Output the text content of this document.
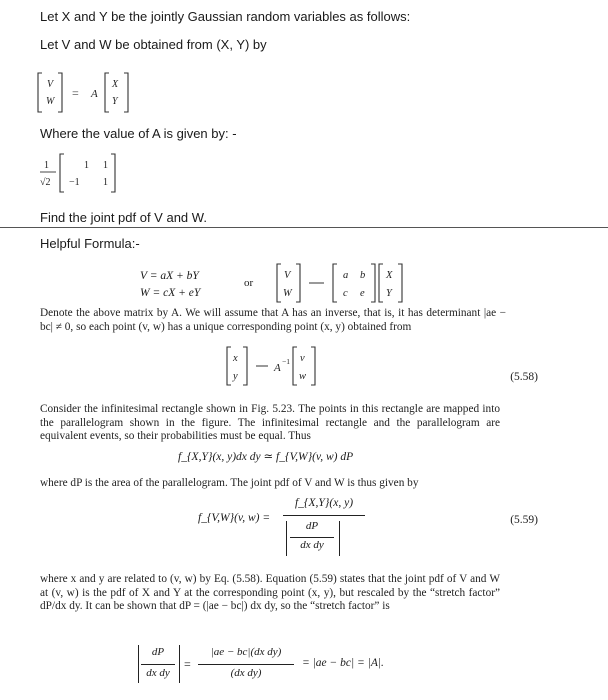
Let X and Y be the jointly Gaussian random variables as follows:
Let V and W be obtained from (X, Y) by
V
W
= A
X
Y
Where the value of A is given by: -
1
√2
1 1
−1 1
Find the joint pdf of V and W.
Helpful Formula:-
V = aX + bY
W = cX + eY
or
V
W
a b
c e
X
Y

Denote the above matrix by A. We will assume that A has an inverse, that is, it has determinant |ae − bc| ≠ 0, so each point (v, w) has a unique corresponding point (x, y) obtained from

x
y
A
−1 v
w	(5.58)

Consider the infinitesimal rectangle shown in Fig. 5.23. The points in this rectangle are mapped into the parallelogram shown in the figure. The infinitesimal rectangle and the parallelogram are equivalent events, so their probabilities must be equal. Thus

f_{X,Y}(x, y)dx dy ≃ f_{V,W}(v, w) dP

where dP is the area of the parallelogram. The joint pdf of V and W is thus given by

f_{V,W}(v, w) =
f_{X,Y}(x, y)
dP
dx dy
(5.59)

where x and y are related to (v, w) by Eq. (5.58). Equation (5.59) states that the joint pdf of V and W at (v, w) is the pdf of X and Y at the corresponding point (x, y), but rescaled by the “stretch factor” dP/dx dy. It can be shown that dP = (|ae − bc|) dx dy, so the “stretch factor” is

dP
dx dy
=
|ae − bc|(dx dy)
(dx dy)
= |ae − bc| = |A|.
